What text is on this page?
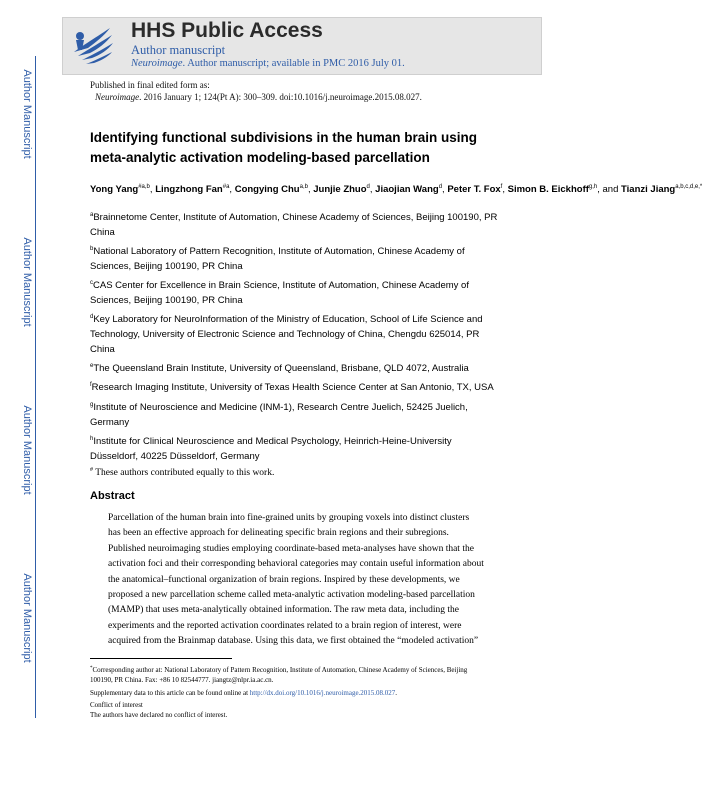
HHS Public Access
Author manuscript
Neuroimage. Author manuscript; available in PMC 2016 July 01.
Author Manuscript
Author Manuscript
Author Manuscript
Author Manuscript
Published in final edited form as:
Neuroimage. 2016 January 1; 124(Pt A): 300–309. doi:10.1016/j.neuroimage.2015.08.027.
Identifying functional subdivisions in the human brain using
meta-analytic activation modeling-based parcellation
Yong Yang$^{\#a,b}$, Lingzhong Fan$^{\#a}$, Congying Chu$^{a,b}$, Junjie Zhuo$^d$, Jiaojian Wang$^d$, Peter T. Fox$^f$, Simon B. Eickhoff$^{g,h}$, and Tianzi Jiang$^{a,b,c,d,e,*}$
$^a$Brainnetome Center, Institute of Automation, Chinese Academy of Sciences, Beijing 100190, PR
China
$^b$National Laboratory of Pattern Recognition, Institute of Automation, Chinese Academy of
Sciences, Beijing 100190, PR China
$^c$CAS Center for Excellence in Brain Science, Institute of Automation, Chinese Academy of
Sciences, Beijing 100190, PR China
$^d$Key Laboratory for NeuroInformation of the Ministry of Education, School of Life Science and
Technology, University of Electronic Science and Technology of China, Chengdu 625014, PR
China
$^e$The Queensland Brain Institute, University of Queensland, Brisbane, QLD 4072, Australia
$^f$Research Imaging Institute, University of Texas Health Science Center at San Antonio, TX, USA
$^g$Institute of Neuroscience and Medicine (INM-1), Research Centre Juelich, 52425 Juelich,
Germany
$^h$Institute for Clinical Neuroscience and Medical Psychology, Heinrich-Heine-University
Düsseldorf, 40225 Düsseldorf, Germany
# These authors contributed equally to this work.
Abstract
Parcellation of the human brain into fine-grained units by grouping voxels into distinct clusters
has been an effective approach for delineating specific brain regions and their subregions.
Published neuroimaging studies employing coordinate-based meta-analyses have shown that the
activation foci and their corresponding behavioral categories may contain useful information about
the anatomical–functional organization of brain regions. Inspired by these developments, we
proposed a new parcellation scheme called meta-analytic activation modeling-based parcellation
(MAMP) that uses meta-analytically obtained information. The raw meta data, including the
experiments and the reported activation coordinates related to a brain region of interest, were
acquired from the Brainmap database. Using this data, we first obtained the “modeled activation”
*Corresponding author at: National Laboratory of Pattern Recognition, Institute of Automation, Chinese Academy of Sciences, Beijing
100190, PR China. Fax: +86 10 82544777. jiangtz@nlpr.ia.ac.cn.
Supplementary data to this article can be found online at http://dx.doi.org/10.1016/j.neuroimage.2015.08.027.
Conflict of interest
The authors have declared no conflict of interest.
